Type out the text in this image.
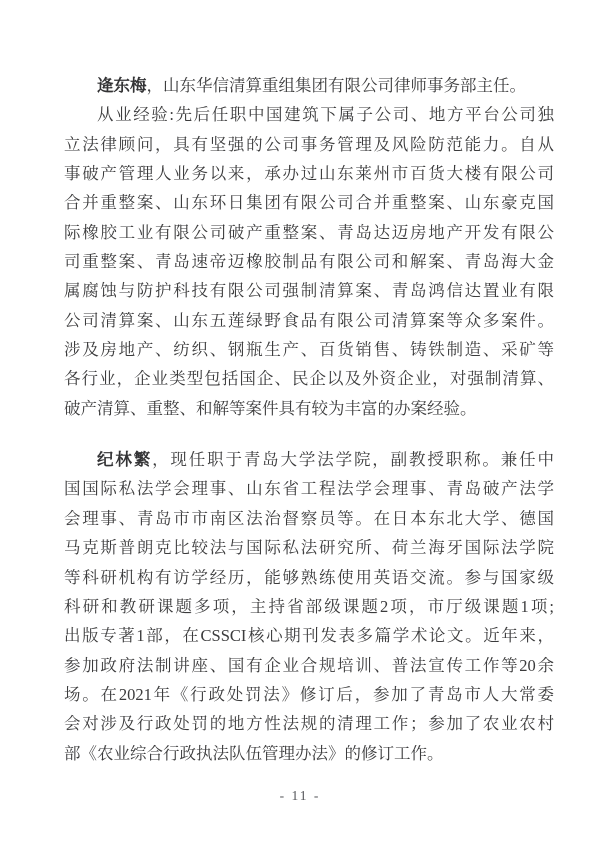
逄东梅，山东华信清算重组集团有限公司律师事务部主任。
从业经验:先后任职中国建筑下属子公司、地方平台公司独
立法律顾问，具有坚强的公司事务管理及风险防范能力。自从
事破产管理人业务以来，承办过山东莱州市百货大楼有限公司
合并重整案、山东环日集团有限公司合并重整案、山东豪克国
际橡胶工业有限公司破产重整案、青岛达迈房地产开发有限公
司重整案、青岛速帝迈橡胶制品有限公司和解案、青岛海大金
属腐蚀与防护科技有限公司强制清算案、青岛鸿信达置业有限
公司清算案、山东五莲绿野食品有限公司清算案等众多案件。
涉及房地产、纺织、钢瓶生产、百货销售、铸铁制造、采矿等
各行业，企业类型包括国企、民企以及外资企业，对强制清算、
破产清算、重整、和解等案件具有较为丰富的办案经验。
纪林繁，现任职于青岛大学法学院，副教授职称。兼任中
国国际私法学会理事、山东省工程法学会理事、青岛破产法学
会理事、青岛市市南区法治督察员等。在日本东北大学、德国
马克斯普朗克比较法与国际私法研究所、荷兰海牙国际法学院
等科研机构有访学经历，能够熟练使用英语交流。参与国家级
科研和教研课题多项，主持省部级课题2项，市厅级课题1项;
出版专著1部，在CSSCI核心期刊发表多篇学术论文。近年来，
参加政府法制讲座、国有企业合规培训、普法宣传工作等20余
场。在2021年《行政处罚法》修订后，参加了青岛市人大常委
会对涉及行政处罚的地方性法规的清理工作；参加了农业农村
部《农业综合行政执法队伍管理办法》的修订工作。
- 11 -
